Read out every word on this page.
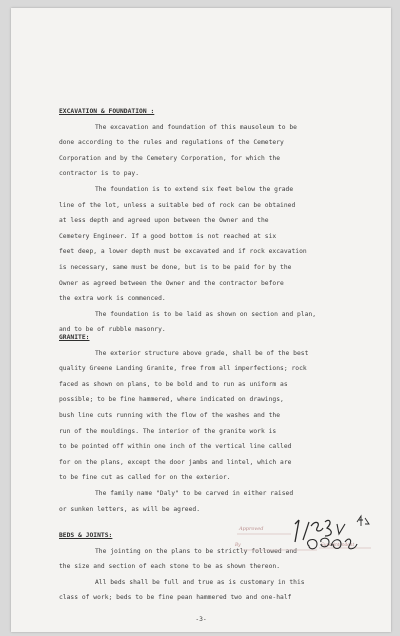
EXCAVATION & FOUNDATION :

The excavation and foundation of this mausoleum to be
done according to the rules and regulations of the Cemetery
Corporation and by the Cemetery Corporation, for which the
contractor is to pay.

The foundation is to extend six feet below the grade
line of the lot, unless a suitable bed of rock can be obtained
at less depth and agreed upon between the Owner and the
Cemetery Engineer. If a good bottom is not reached at six
feet deep, a lower depth must be excavated and if rock excavation
is necessary, same must be done, but is to be paid for by the
Owner as agreed between the Owner and the contractor before
the extra work is commenced.

The foundation is to be laid as shown on section and plan,
and to be of rubble masonry.

GRANITE:

The exterior structure above grade, shall be of the best
quality Greene Landing Granite, free from all imperfections; rock
faced as shown on plans, to be bold and to run as uniform as
possible; to be fine hammered, where indicated on drawings,
bush line cuts running with the flow of the washes and the
run of the mouldings. The interior of the granite work is
to be pointed off within one inch of the vertical line called
for on the plans, except the door jambs and lintel, which are
to be fine cut as called for on the exterior.

The family name "Daly" to be carved in either raised
or sunken letters, as will be agreed.

BEDS & JOINTS:

The jointing on the plans to be strictly followed and
the size and section of each stone to be as shown thereon.

All beds shall be full and true as is customary in this
class of work; beds to be fine pean hammered two and one-half

Approved
By	Superintendent
-3-
